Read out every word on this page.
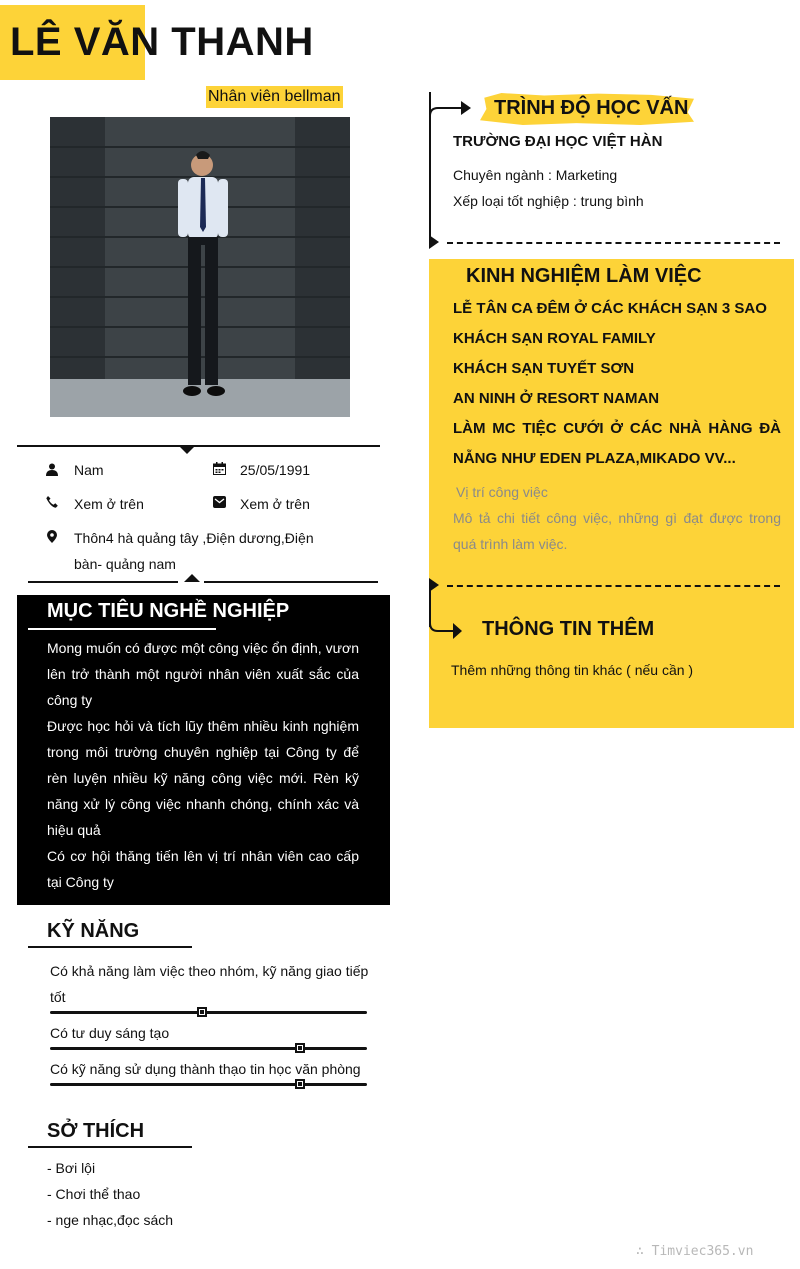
LÊ VĂN THANH
Nhân viên bellman
Nam	25/05/1991
Xem ở trên	Xem ở trên
Thôn4 hà quảng tây ,Điện dương,Điện
bàn- quảng nam
MỤC TIÊU NGHỀ NGHIỆP
Mong muốn có được một công việc ổn định, vươn lên trở thành một người nhân viên xuất sắc của công ty
Được học hỏi và tích lũy thêm nhiều kinh nghiệm trong môi trường chuyên nghiệp tại Công ty để rèn luyện nhiều kỹ năng công việc mới. Rèn kỹ năng xử lý công việc nhanh chóng, chính xác và hiệu quả
Có cơ hội thăng tiến lên vị trí nhân viên cao cấp tại Công ty
KỸ NĂNG
Có khả năng làm việc theo nhóm, kỹ năng giao tiếp
tốt
Có tư duy sáng tạo
Có kỹ năng sử dụng thành thạo tin học văn phòng
SỞ THÍCH
- Bơi lội
- Chơi thể thao
- nge nhạc,đọc sách
TRÌNH ĐỘ HỌC VẤN
TRƯỜNG ĐẠI HỌC VIỆT HÀN
Chuyên ngành : Marketing
Xếp loại tốt nghiệp : trung bình
KINH NGHIỆM LÀM VIỆC
LỄ TÂN CA ĐÊM Ở CÁC KHÁCH SẠN 3 SAO
KHÁCH SẠN ROYAL FAMILY
KHÁCH SẠN TUYẾT SƠN
AN NINH Ở RESORT NAMAN
LÀM MC TIỆC CƯỚI Ở CÁC NHÀ HÀNG ĐÀ NẴNG NHƯ EDEN PLAZA,MIKADO VV...
Vị trí công việc
Mô tả chi tiết công việc, những gì đạt được trong quá trình làm việc.
THÔNG TIN THÊM
Thêm những thông tin khác ( nếu cần )
∴ Timviec365.vn
